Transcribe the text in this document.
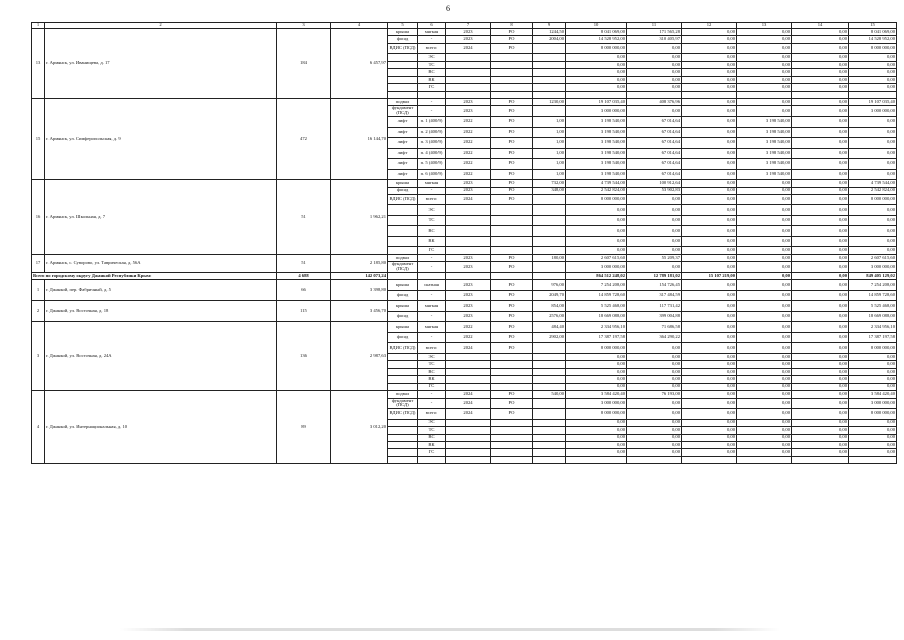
6
1	2	3	4	5	6	7	8	9	10	11	12	13	14	15
13	г. Армянск, ул. Иванищева, д. 17	184	6 457,97	крыша	мягкая	2023	РО	1244,50	8 041 069,00	171 565,28	0,00	0,00	0,00	8 041 069,00
				фасад	-	2023	РО	2004,00	14 528 952,00	310 405,97	0,00	0,00	0,00	14 528 952,00
				ВДИС (ПСД)	всего:	2024	РО		8 000 000,00	0,00	0,00	0,00	0,00	8 000 000,00
					ЭС				0,00	0,00	0,00	0,00	0,00	0,00
					ТС				0,00	0,00	0,00	0,00	0,00	0,00
					ВС				0,00	0,00	0,00	0,00	0,00	0,00
					ВК				0,00	0,00	0,00	0,00	0,00	0,00
					ГС				0,00	0,00	0,00	0,00	0,00	0,00

15	г. Армянск, ул. Симферопольская, д. 9	472	16 144,70	подвал	-	2023	РО	1230,00	19 107 035,40	408 376,96	0,00	0,00	0,00	19 107 035,40
				фундамент (ПСД)	-	2023	РО		3 000 000,00	0,00	0,00	0,00	0,00	3 000 000,00
				лифт	п. 1 (400/9)	2022	РО	1,00	3 198 540,00	67 014,64	0,00	3 198 540,00	0,00	0,00
				лифт	п. 2 (400/9)	2022	РО	1,00	3 198 540,00	67 014,64	0,00	3 198 540,00	0,00	0,00
				лифт	п. 3 (400/9)	2022	РО	1,00	3 198 540,00	67 014,64	0,00	3 198 540,00	0,00	0,00
				лифт	п. 4 (400/9)	2022	РО	1,00	3 198 540,00	67 014,64	0,00	3 198 540,00	0,00	0,00
				лифт	п. 5 (400/9)	2022	РО	1,00	3 198 540,00	67 014,64	0,00	3 198 540,00	0,00	0,00
				лифт	п. 6 (400/9)	2022	РО	1,00	3 198 540,00	67 014,64	0,00	3 198 540,00	0,00	0,00
16	г. Армянск, ул. Школьная, д. 7	51	1 962,21	крыша	мягкая	2023	РО	732,00	4 739 544,00	100 912,64	0,00	0,00	0,00	4 739 544,00
				фасад	-	2023	РО	348,00	2 542 824,00	53 902,83	0,00	0,00	0,00	2 542 824,00
				ВДИС (ПСД)	всего:	2024	РО		8 000 000,00	0,00	0,00	0,00	0,00	8 000 000,00
					ЭС				0,00	0,00	0,00	0,00	0,00	0,00
					ТС				0,00	0,00	0,00	0,00	0,00	0,00
					ВС				0,00	0,00	0,00	0,00	0,00	0,00
					ВК				0,00	0,00	0,00	0,00	0,00	0,00
					ГС				0,00	0,00	0,00	0,00	0,00	0,00
17	г. Армянск, с. Суворово, ул. Таврическая, д. 56А	51	2 185,80	подвал	-	2023	РО	180,00	2 607 615,60	55 209,37	0,00	0,00	0,00	2 607 615,60
				фундамент (ПСД)	-	2023	РО		3 000 000,00	0,00	0,00	0,00	0,00	3 000 000,00
Всего по городскому округу Джанкой Республики Крым:		4 688	142 073,24						864 512 248,02	12 789 181,02	15 107 219,00	0,00	0,00	849 405 129,02
1	г. Джанкой, пер. Фабричный, д. 5	66	3 398,80	крыша	скатная	2023	РО	976,00	7 254 208,00	154 726,45	0,00	0,00	0,00	7 254 208,00
				фасад	-	2023	РО	2049,70	14 859 728,60	317 484,59	0,00	0,00	0,00	14 859 728,60
2	г. Джанкой, ул. Восточная, д. 18	115	3 456,70	крыша	мягкая	2023	РО	854,00	5 525 468,00	117 731,42	0,00	0,00	0,00	5 525 468,00
				фасад	-	2023	РО	2576,00	18 669 088,00	399 004,88	0,00	0,00	0,00	18 669 088,00
3	г. Джанкой, ул. Восточная, д. 24А	136	2 987,63	крыша	мягкая	2022	РО	484,40	2 334 956,10	71 686,58	0,00	0,00	0,00	2 334 956,10
				фасад	-	2022	РО	2902,00	17 387 197,58	364 290,22	0,00	0,00	0,00	17 387 197,58
				ВДИС (ПСД)	всего:	2024	РО		8 000 000,00	0,00	0,00	0,00	0,00	8 000 000,00
					ЭС				0,00	0,00	0,00	0,00	0,00	0,00
					ТС				0,00	0,00	0,00	0,00	0,00	0,00
					ВС				0,00	0,00	0,00	0,00	0,00	0,00
					ВК				0,00	0,00	0,00	0,00	0,00	0,00
					ГС				0,00	0,00	0,00	0,00	0,00	0,00
4	г. Джанкой, ул. Интернациональная, д. 10	89	3 012,20	подвал	-	2024	РО	540,00	3 584 420,40	76 193,00	0,00	0,00	0,00	3 584 420,40
				фундамент (ПСД)	-	2024	РО		3 000 000,00	0,00	0,00	0,00	0,00	3 000 000,00
				ВДИС (ПСД)	всего:	2024	РО		8 000 000,00	0,00	0,00	0,00	0,00	8 000 000,00
					ЭС				0,00	0,00	0,00	0,00	0,00	0,00
					ТС				0,00	0,00	0,00	0,00	0,00	0,00
					ВС				0,00	0,00	0,00	0,00	0,00	0,00
					ВК				0,00	0,00	0,00	0,00	0,00	0,00
					ГС				0,00	0,00	0,00	0,00	0,00	0,00
